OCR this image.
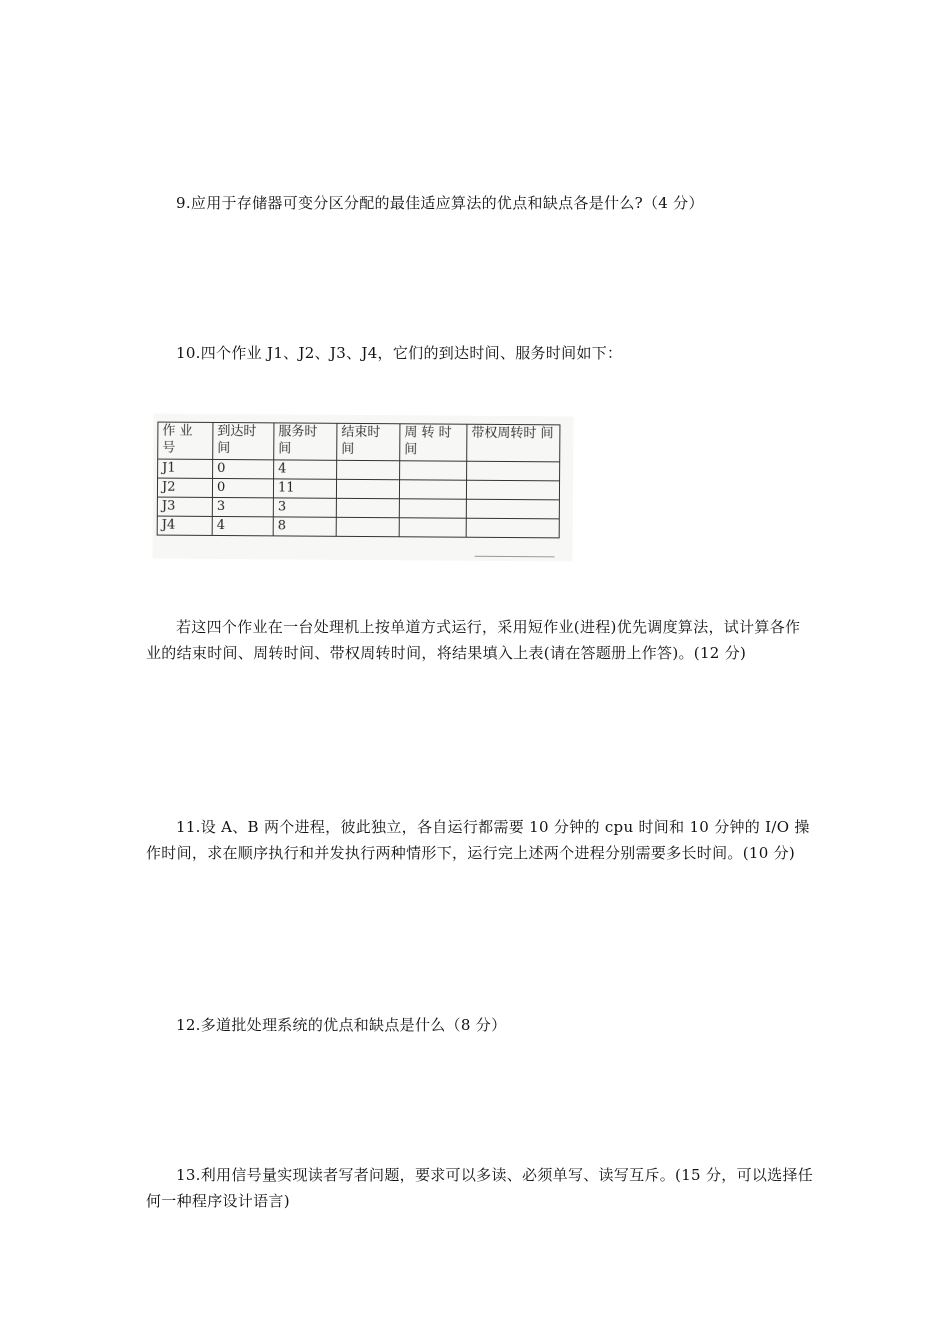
9.应用于存储器可变分区分配的最佳适应算法的优点和缺点各是什么?（4 分）

10.四个作业 J1、J2、J3、J4，它们的到达时间、服务时间如下：

作 业 号	到达时 间	服务时 间	结束时 间	周 转 时 间	带权周转时 间
J1	0	4			
J2	0	11			
J3	3	3			
J4	4	8			

若这四个作业在一台处理机上按单道方式运行，采用短作业(进程)优先调度算法，试计算各作业的结束时间、周转时间、带权周转时间，将结果填入上表(请在答题册上作答)。(12 分)

11.设 A、B 两个进程，彼此独立，各自运行都需要 10 分钟的 cpu 时间和 10 分钟的 I/O 操作时间，求在顺序执行和并发执行两种情形下，运行完上述两个进程分别需要多长时间。(10 分)

12.多道批处理系统的优点和缺点是什么（8 分）

13.利用信号量实现读者写者问题，要求可以多读、必须单写、读写互斥。(15 分，可以选择任何一种程序设计语言)
